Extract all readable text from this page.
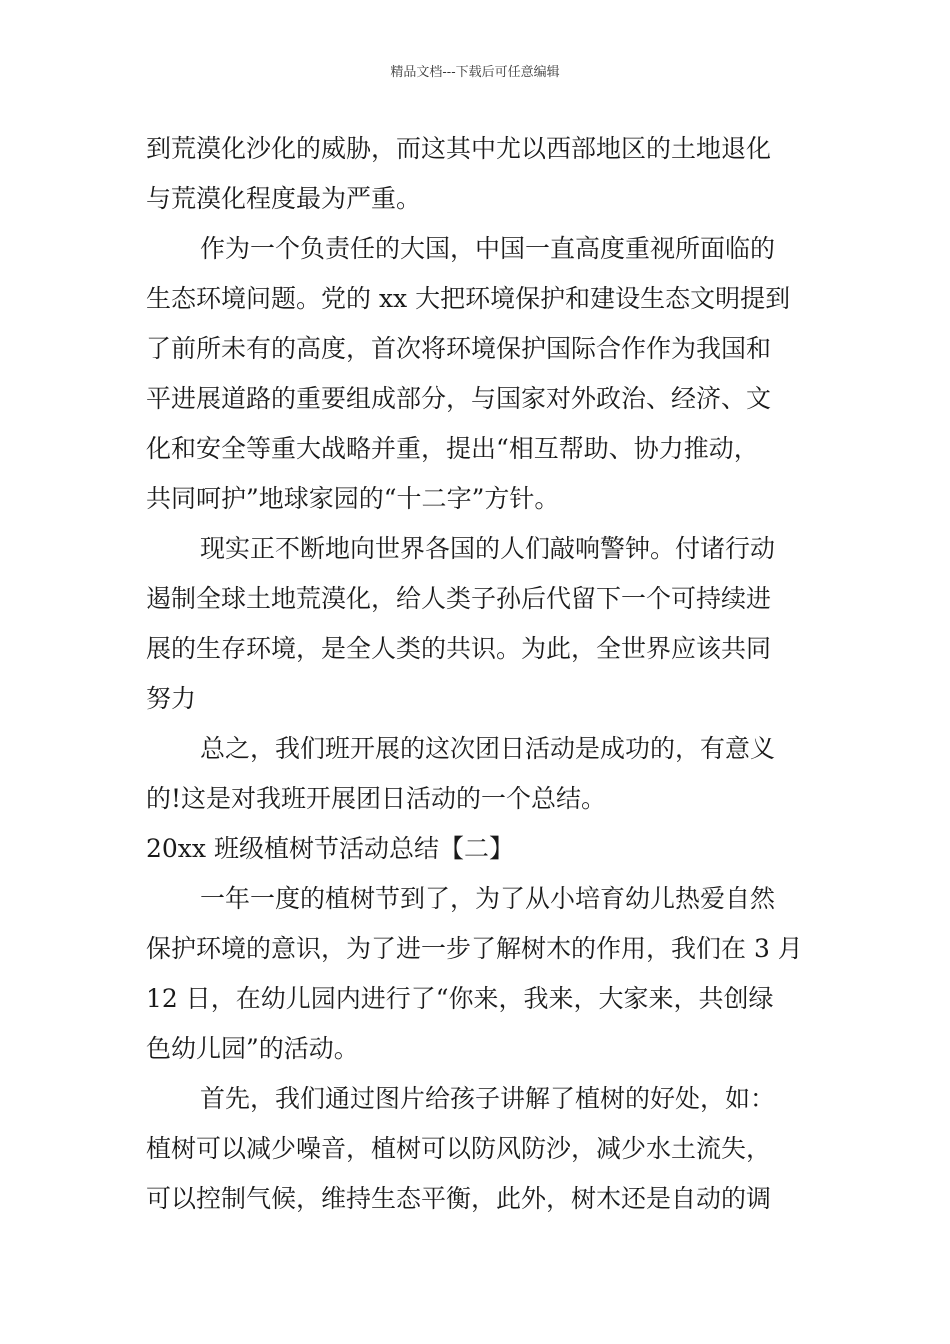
精品文档---下载后可任意编辑
到荒漠化沙化的威胁，而这其中尤以西部地区的土地退化
与荒漠化程度最为严重。
作为一个负责任的大国，中国一直高度重视所面临的
生态环境问题。党的 xx 大把环境保护和建设生态文明提到
了前所未有的高度，首次将环境保护国际合作作为我国和
平进展道路的重要组成部分，与国家对外政治、经济、文
化和安全等重大战略并重，提出“相互帮助、协力推动，
共同呵护”地球家园的“十二字”方针。
现实正不断地向世界各国的人们敲响警钟。付诸行动
遏制全球土地荒漠化，给人类子孙后代留下一个可持续进
展的生存环境，是全人类的共识。为此，全世界应该共同
努力
总之，我们班开展的这次团日活动是成功的，有意义
的!这是对我班开展团日活动的一个总结。
20xx 班级植树节活动总结【二】
一年一度的植树节到了，为了从小培育幼儿热爱自然
保护环境的意识，为了进一步了解树木的作用，我们在 3 月
12 日，在幼儿园内进行了“你来，我来，大家来，共创绿
色幼儿园”的活动。
首先，我们通过图片给孩子讲解了植树的好处，如：
植树可以减少噪音，植树可以防风防沙，减少水土流失，
可以控制气候，维持生态平衡，此外，树木还是自动的调
